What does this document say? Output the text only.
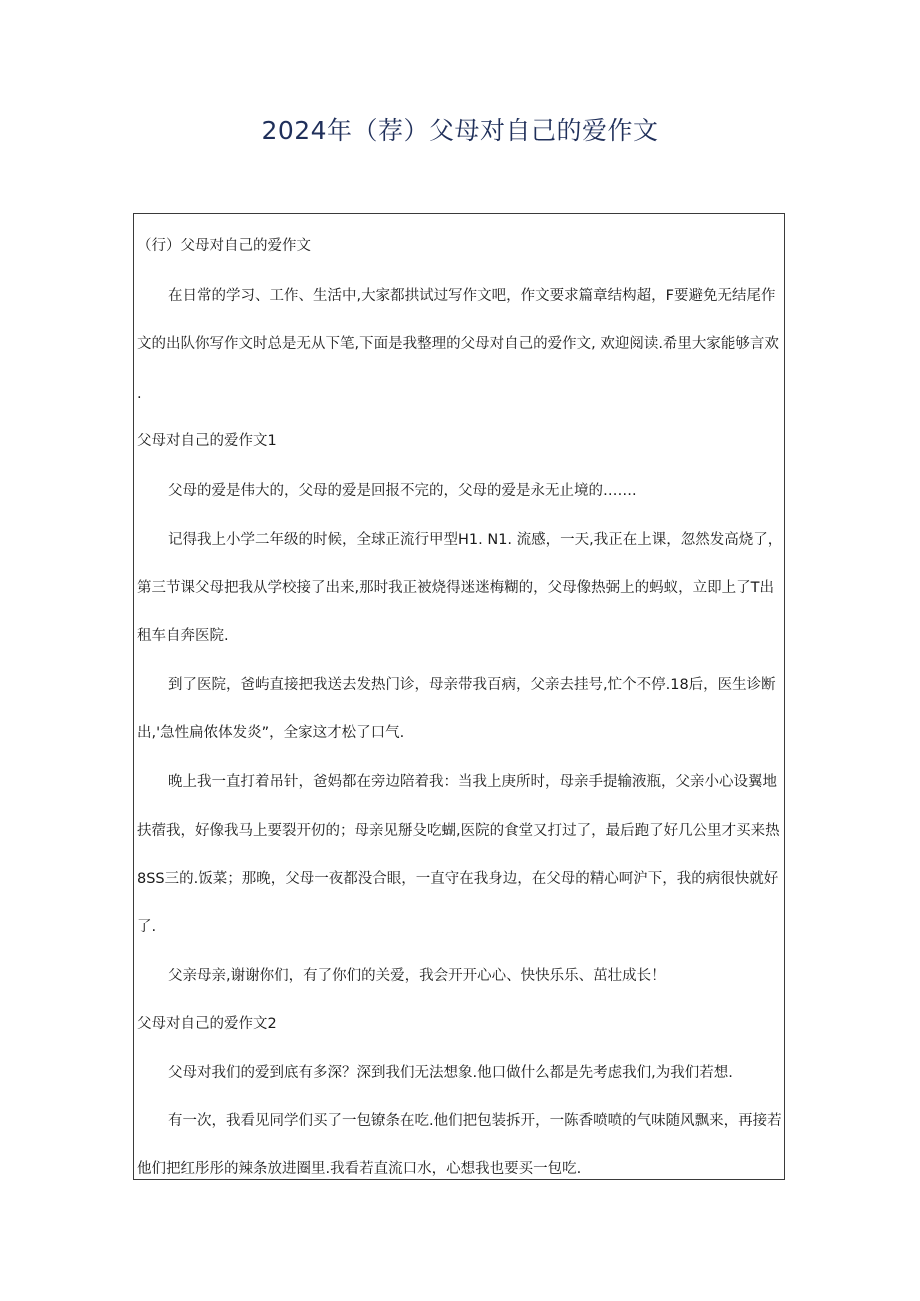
2024年（荐）父母对自己的爱作文
（行）父母对自己的爱作文
在日常的学习、工作、生活中,大家都拱试过写作文吧，作文要求篇章结构超，F要避免无结尾作
文的出队你写作文时总是无从下笔,下面是我整理的父母对自己的爱作文, 欢迎阅读.希里大家能够言欢
.
父母对自己的爱作文1
父母的爱是伟大的，父母的爱是回报不完的，父母的爱是永无止境的…….
记得我上小学二年级的时候，全球正流行甲型H1. N1. 流感，一天,我正在上课，忽然发高烧了，
第三节课父母把我从学校接了出来,那时我正被烧得迷迷梅糊的，父母像热弼上的蚂蚁，立即上了T出
租车自奔医院.
到了医院，爸屿直接把我送去发热门诊，母亲带我百病，父亲去挂号,忙个不停.18后，医生诊断
出,'急性扁侬体发炎”，全家这才松了口气.
晚上我一直打着吊针，爸妈都在旁边陪着我：当我上庚所时，母亲手提输液瓶，父亲小心设翼地
扶蓿我，好像我马上要裂开仞的；母亲见掰殳吃蝴,医院的食堂又打过了，最后跑了好几公里才买来热
8SS三的.饭菜；那晚，父母一夜都没合眼，一直守在我身边，在父母的精心呵沪下，我的病很快就好
了.
父亲母亲,谢谢你们，有了你们的关爱，我会开开心心、快快乐乐、茁壮成长！
父母对自己的爱作文2
父母对我们的爱到底有多深？深到我们无法想象.他口做什么都是先考虑我们,为我们若想.
有一次，我看见同学们买了一包镣条在吃.他们把包装拆开，一陈香喷喷的气味随风飘来，再接若
他们把红彤彤的辣条放进圈里.我看若直流口水，心想我也要买一包吃.
